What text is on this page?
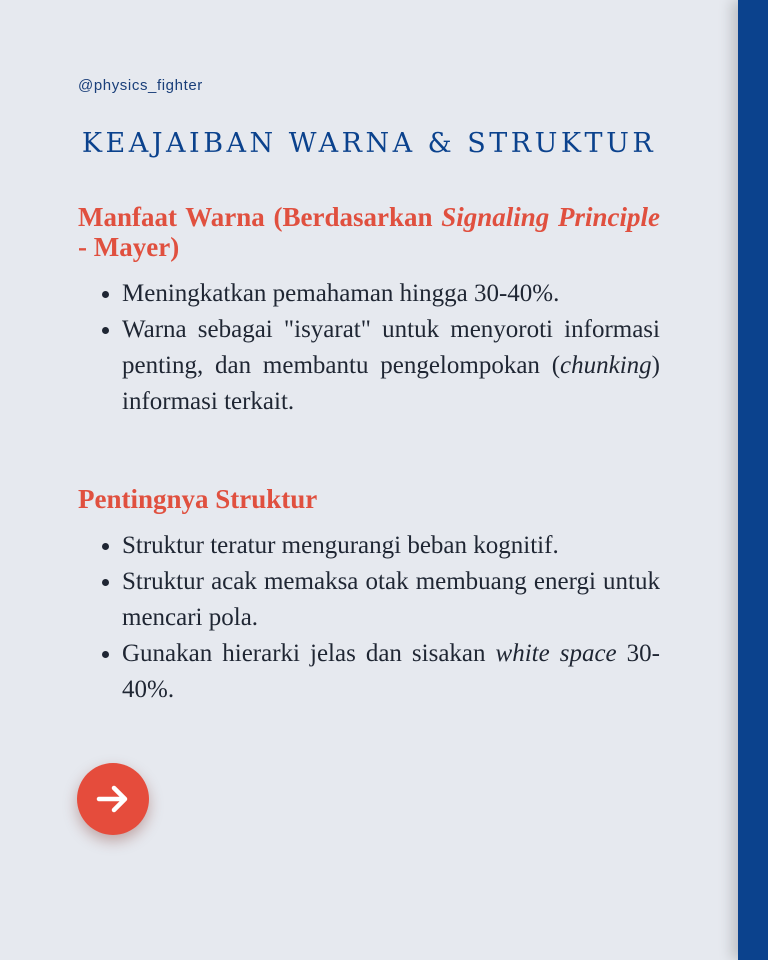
@physics_fighter
KEAJAIBAN WARNA & STRUKTUR
Manfaat Warna (Berdasarkan Signaling Principle - Mayer)
Meningkatkan pemahaman hingga 30-40%.
Warna sebagai "isyarat" untuk menyoroti informasi penting, dan membantu pengelompokan (chunking) informasi terkait.
Pentingnya Struktur
Struktur teratur mengurangi beban kognitif.
Struktur acak memaksa otak membuang energi untuk mencari pola.
Gunakan hierarki jelas dan sisakan white space 30-40%.
